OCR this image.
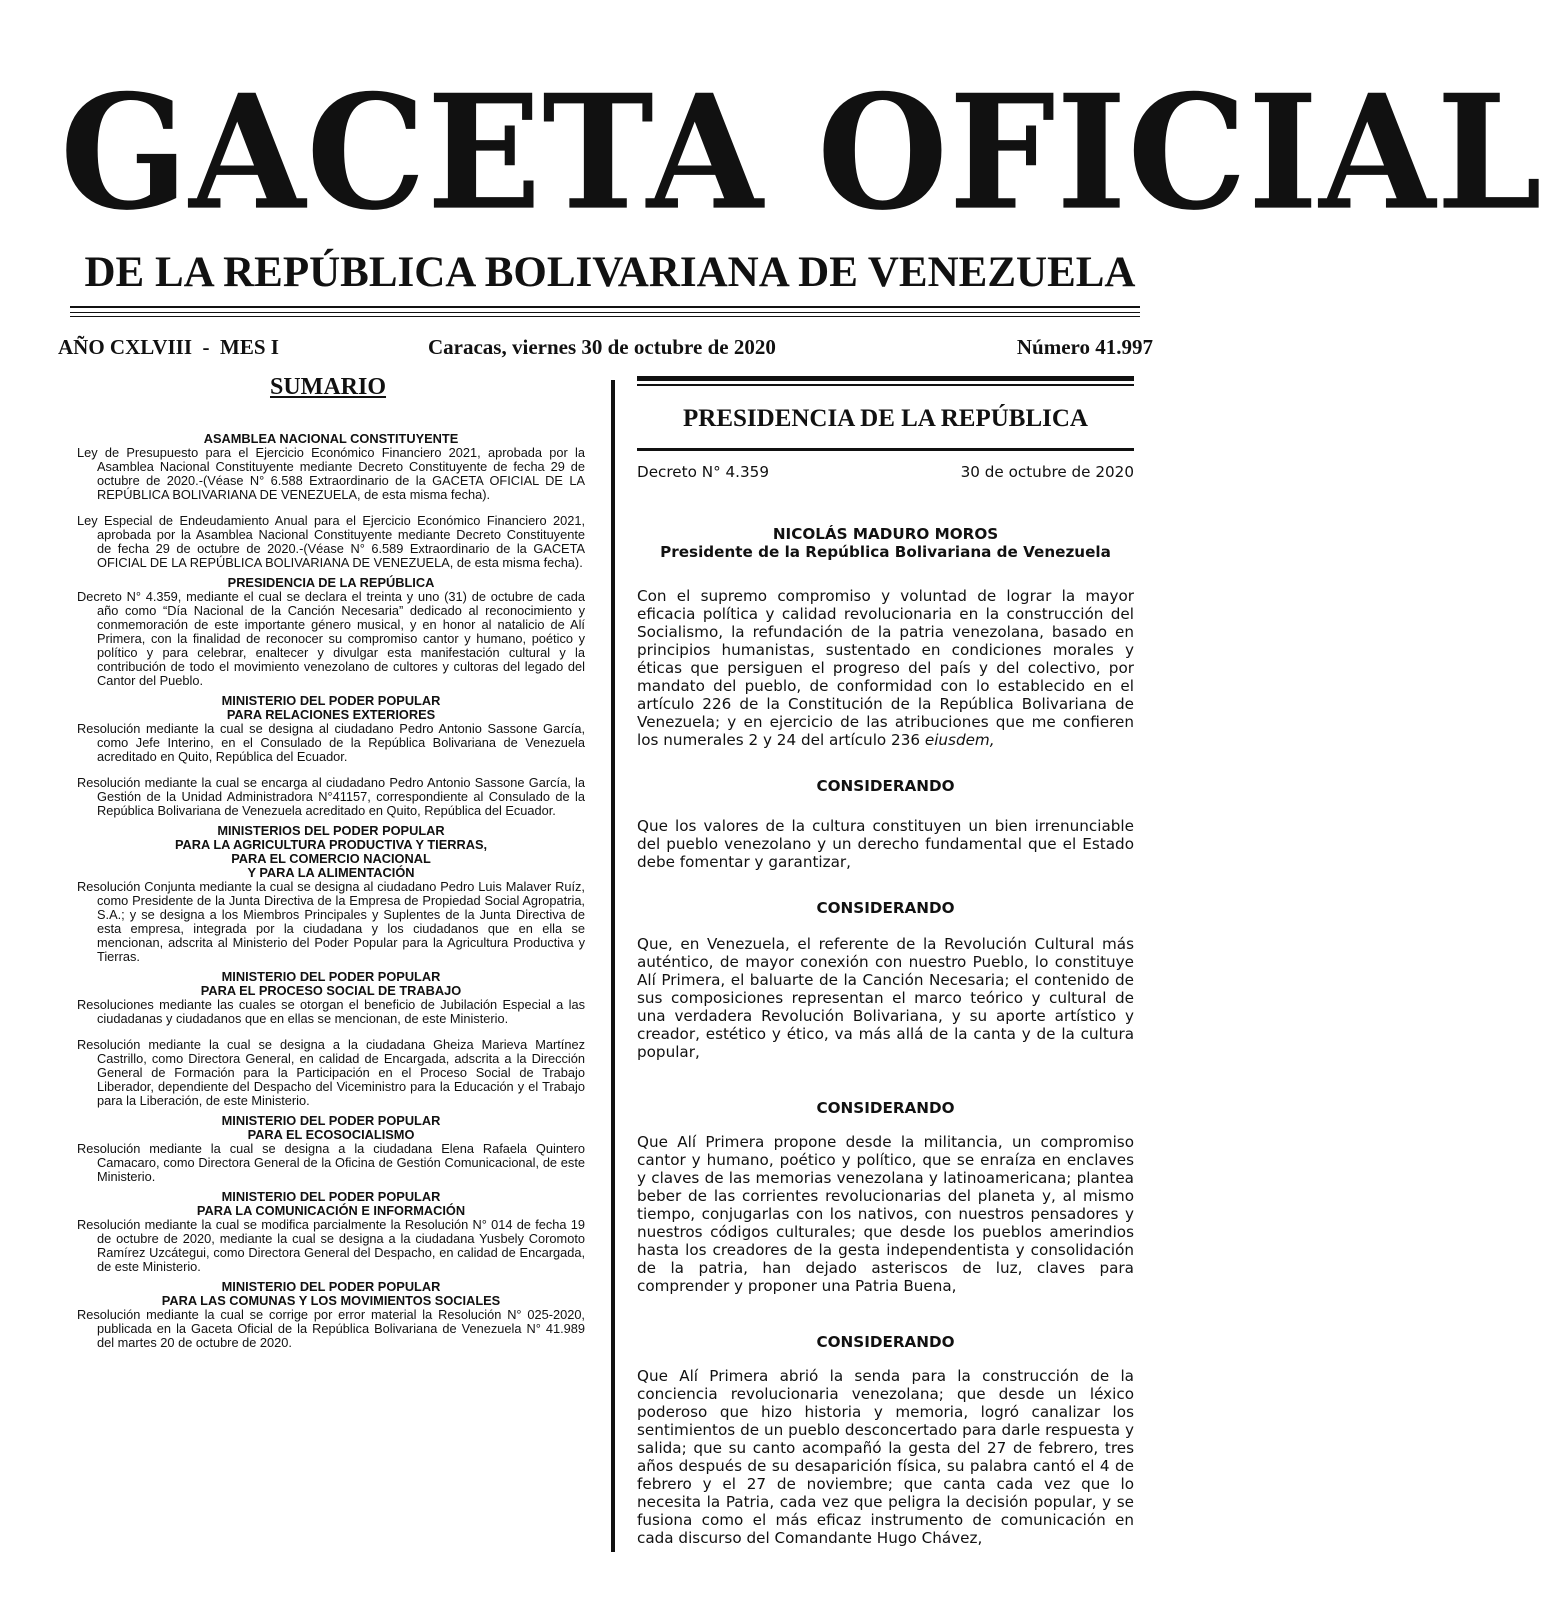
GACETA OFICIAL
DE LA REPÚBLICA BOLIVARIANA DE VENEZUELA
AÑO CXLVIII  -  MES I	Caracas, viernes 30 de octubre de 2020	Número 41.997
SUMARIO
ASAMBLEA NACIONAL CONSTITUYENTE
Ley de Presupuesto para el Ejercicio Económico Financiero 2021, aprobada por la Asamblea Nacional Constituyente mediante Decreto Constituyente de fecha 29 de octubre de 2020.-(Véase N° 6.588 Extraordinario de la GACETA OFICIAL DE LA REPÚBLICA BOLIVARIANA DE VENEZUELA, de esta misma fecha).
Ley Especial de Endeudamiento Anual para el Ejercicio Económico Financiero 2021, aprobada por la Asamblea Nacional Constituyente mediante Decreto Constituyente de fecha 29 de octubre de 2020.-(Véase N° 6.589 Extraordinario de la GACETA OFICIAL DE LA REPÚBLICA BOLIVARIANA DE VENEZUELA, de esta misma fecha).
PRESIDENCIA DE LA REPÚBLICA
Decreto N° 4.359, mediante el cual se declara el treinta y uno (31) de octubre de cada año como “Día Nacional de la Canción Necesaria” dedicado al reconocimiento y conmemoración de este importante género musical, y en honor al natalicio de Alí Primera, con la finalidad de reconocer su compromiso cantor y humano, poético y político y para celebrar, enaltecer y divulgar esta manifestación cultural y la contribución de todo el movimiento venezolano de cultores y cultoras del legado del Cantor del Pueblo.
MINISTERIO DEL PODER POPULAR
PARA RELACIONES EXTERIORES
Resolución mediante la cual se designa al ciudadano Pedro Antonio Sassone García, como Jefe Interino, en el Consulado de la República Bolivariana de Venezuela acreditado en Quito, República del Ecuador.
Resolución mediante la cual se encarga al ciudadano Pedro Antonio Sassone García, la Gestión de la Unidad Administradora N°41157, correspondiente al Consulado de la República Bolivariana de Venezuela acreditado en Quito, República del Ecuador.
MINISTERIOS DEL PODER POPULAR
PARA LA AGRICULTURA PRODUCTIVA Y TIERRAS,
PARA EL COMERCIO NACIONAL
Y PARA LA ALIMENTACIÓN
Resolución Conjunta mediante la cual se designa al ciudadano Pedro Luis Malaver Ruíz, como Presidente de la Junta Directiva de la Empresa de Propiedad Social Agropatria, S.A.; y se designa a los Miembros Principales y Suplentes de la Junta Directiva de esta empresa, integrada por la ciudadana y los ciudadanos que en ella se mencionan, adscrita al Ministerio del Poder Popular para la Agricultura Productiva y Tierras.
MINISTERIO DEL PODER POPULAR
PARA EL PROCESO SOCIAL DE TRABAJO
Resoluciones mediante las cuales se otorgan el beneficio de Jubilación Especial a las ciudadanas y ciudadanos que en ellas se mencionan, de este Ministerio.
Resolución mediante la cual se designa a la ciudadana Gheiza Marieva Martínez Castrillo, como Directora General, en calidad de Encargada, adscrita a la Dirección General de Formación para la Participación en el Proceso Social de Trabajo Liberador, dependiente del Despacho del Viceministro para la Educación y el Trabajo para la Liberación, de este Ministerio.
MINISTERIO DEL PODER POPULAR
PARA EL ECOSOCIALISMO
Resolución mediante la cual se designa a la ciudadana Elena Rafaela Quintero Camacaro, como Directora General de la Oficina de Gestión Comunicacional, de este Ministerio.
MINISTERIO DEL PODER POPULAR
PARA LA COMUNICACIÓN E INFORMACIÓN
Resolución mediante la cual se modifica parcialmente la Resolución N° 014 de fecha 19 de octubre de 2020, mediante la cual se designa a la ciudadana Yusbely Coromoto Ramírez Uzcátegui, como Directora General del Despacho, en calidad de Encargada, de este Ministerio.
MINISTERIO DEL PODER POPULAR
PARA LAS COMUNAS Y LOS MOVIMIENTOS SOCIALES
Resolución mediante la cual se corrige por error material la Resolución N° 025-2020, publicada en la Gaceta Oficial de la República Bolivariana de Venezuela N° 41.989 del martes 20 de octubre de 2020.
PRESIDENCIA DE LA REPÚBLICA
Decreto N° 4.359	30 de octubre de 2020
NICOLÁS MADURO MOROS
Presidente de la República Bolivariana de Venezuela
Con el supremo compromiso y voluntad de lograr la mayor eficacia política y calidad revolucionaria en la construcción del Socialismo, la refundación de la patria venezolana, basado en principios humanistas, sustentado en condiciones morales y éticas que persiguen el progreso del país y del colectivo, por mandato del pueblo, de conformidad con lo establecido en el artículo 226 de la Constitución de la República Bolivariana de Venezuela; y en ejercicio de las atribuciones que me confieren los numerales 2 y 24 del artículo 236 eiusdem,
CONSIDERANDO
Que los valores de la cultura constituyen un bien irrenunciable del pueblo venezolano y un derecho fundamental que el Estado debe fomentar y garantizar,
CONSIDERANDO
Que, en Venezuela, el referente de la Revolución Cultural más auténtico, de mayor conexión con nuestro Pueblo, lo constituye Alí Primera, el baluarte de la Canción Necesaria; el contenido de sus composiciones representan el marco teórico y cultural de una verdadera Revolución Bolivariana, y su aporte artístico y creador, estético y ético, va más allá de la canta y de la cultura popular,
CONSIDERANDO
Que Alí Primera propone desde la militancia, un compromiso cantor y humano, poético y político, que se enraíza en enclaves y claves de las memorias venezolana y latinoamericana; plantea beber de las corrientes revolucionarias del planeta y, al mismo tiempo, conjugarlas con los nativos, con nuestros pensadores y nuestros códigos culturales; que desde los pueblos amerindios hasta los creadores de la gesta independentista y consolidación de la patria, han dejado asteriscos de luz, claves para comprender y proponer una Patria Buena,
CONSIDERANDO
Que Alí Primera abrió la senda para la construcción de la conciencia revolucionaria venezolana; que desde un léxico poderoso que hizo historia y memoria, logró canalizar los sentimientos de un pueblo desconcertado para darle respuesta y salida; que su canto acompañó la gesta del 27 de febrero, tres años después de su desaparición física, su palabra cantó el 4 de febrero y el 27 de noviembre; que canta cada vez que lo necesita la Patria, cada vez que peligra la decisión popular, y se fusiona como el más eficaz instrumento de comunicación en cada discurso del Comandante Hugo Chávez,
